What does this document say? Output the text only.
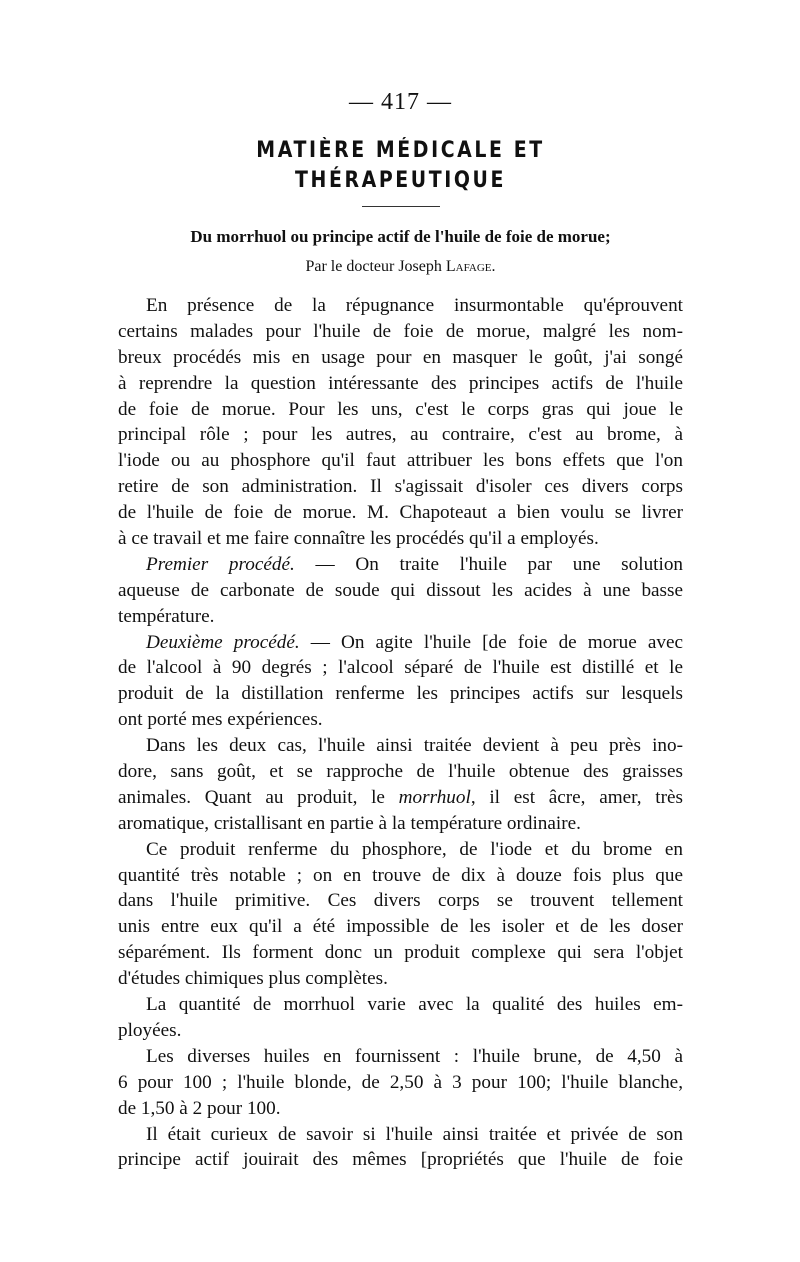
— 417 —
MATIÈRE MÉDICALE ET THÉRAPEUTIQUE
Du morrhuol ou principe actif de l'huile de foie de morue;
Par le docteur Joseph Lafage.
En présence de la répugnance insurmontable qu'éprouvent
certains malades pour l'huile de foie de morue, malgré les nom-
breux procédés mis en usage pour en masquer le goût, j'ai songé
à reprendre la question intéressante des principes actifs de l'huile
de foie de morue. Pour les uns, c'est le corps gras qui joue le
principal rôle ; pour les autres, au contraire, c'est au brome, à
l'iode ou au phosphore qu'il faut attribuer les bons effets que l'on
retire de son administration. Il s'agissait d'isoler ces divers corps
de l'huile de foie de morue. M. Chapoteaut a bien voulu se livrer
à ce travail et me faire connaître les procédés qu'il a employés.
Premier procédé. — On traite l'huile par une solution
aqueuse de carbonate de soude qui dissout les acides à une basse
température.
Deuxième procédé. — On agite l'huile [de foie de morue avec
de l'alcool à 90 degrés ; l'alcool séparé de l'huile est distillé et le
produit de la distillation renferme les principes actifs sur lesquels
ont porté mes expériences.
Dans les deux cas, l'huile ainsi traitée devient à peu près ino-
dore, sans goût, et se rapproche de l'huile obtenue des graisses
animales. Quant au produit, le morrhuol, il est âcre, amer, très
aromatique, cristallisant en partie à la température ordinaire.
Ce produit renferme du phosphore, de l'iode et du brome en
quantité très notable ; on en trouve de dix à douze fois plus que
dans l'huile primitive. Ces divers corps se trouvent tellement
unis entre eux qu'il a été impossible de les isoler et de les doser
séparément. Ils forment donc un produit complexe qui sera l'objet
d'études chimiques plus complètes.
La quantité de morrhuol varie avec la qualité des huiles em-
ployées.
Les diverses huiles en fournissent : l'huile brune, de 4,50 à
6 pour 100 ; l'huile blonde, de 2,50 à 3 pour 100; l'huile blanche,
de 1,50 à 2 pour 100.
Il était curieux de savoir si l'huile ainsi traitée et privée de son
principe actif jouirait des mêmes [propriétés que l'huile de foie
